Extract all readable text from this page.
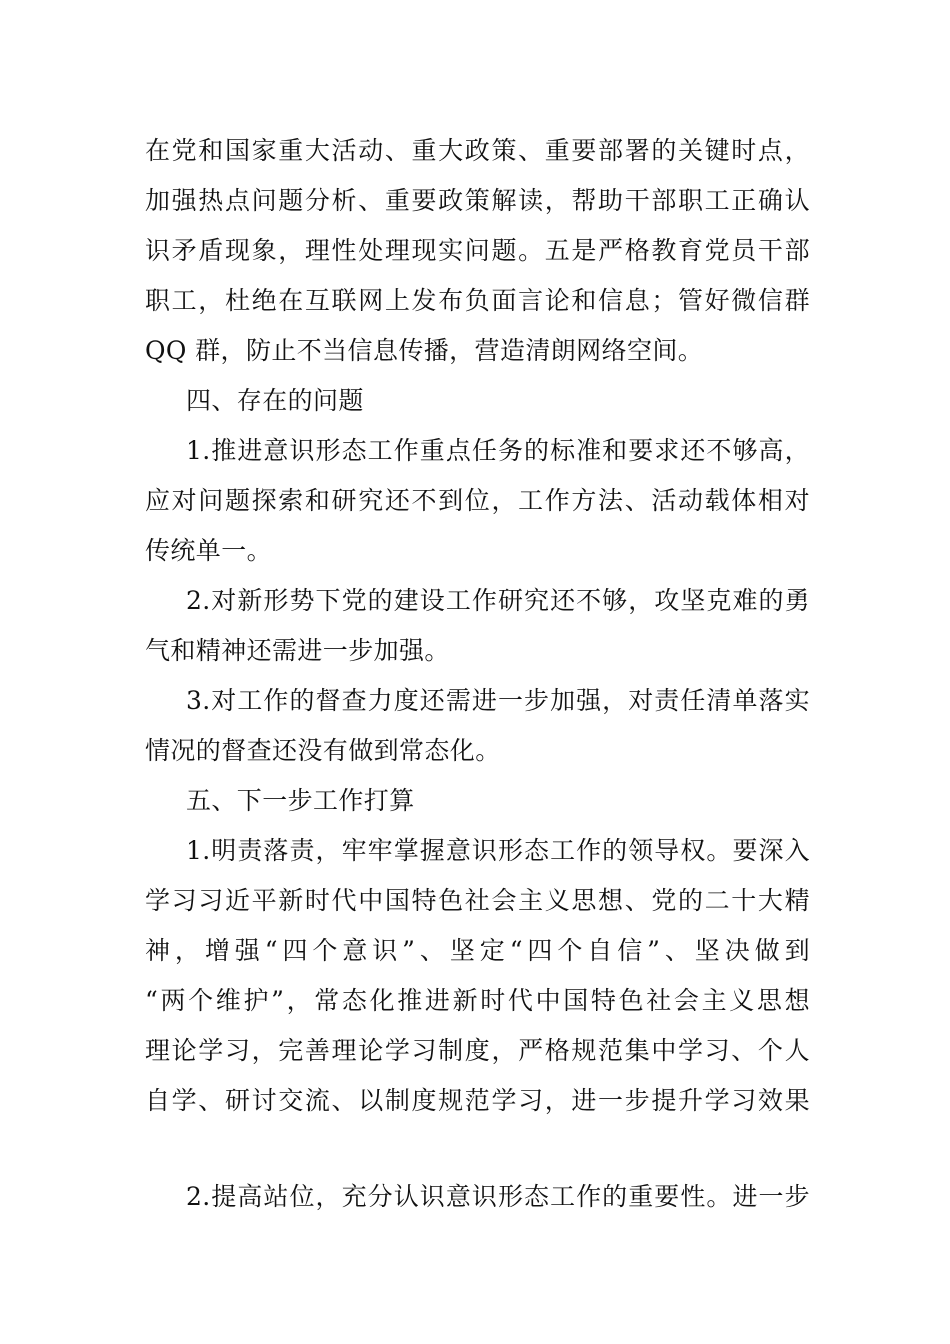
在党和国家重大活动、重大政策、重要部署的关键时点，
加强热点问题分析、重要政策解读，帮助干部职工正确认
识矛盾现象，理性处理现实问题。五是严格教育党员干部
职工，杜绝在互联网上发布负面言论和信息；管好微信群
QQ 群，防止不当信息传播，营造清朗网络空间。
四、存在的问题
1.推进意识形态工作重点任务的标准和要求还不够高，
应对问题探索和研究还不到位，工作方法、活动载体相对
传统单一。
2.对新形势下党的建设工作研究还不够，攻坚克难的勇
气和精神还需进一步加强。
3.对工作的督查力度还需进一步加强，对责任清单落实
情况的督查还没有做到常态化。
五、下一步工作打算
1.明责落责，牢牢掌握意识形态工作的领导权。要深入
学习习近平新时代中国特色社会主义思想、党的二十大精
神，增强“四个意识”、坚定“四个自信”、坚决做到
“两个维护”，常态化推进新时代中国特色社会主义思想
理论学习，完善理论学习制度，严格规范集中学习、个人
自学、研讨交流、以制度规范学习，进一步提升学习效果
2.提高站位，充分认识意识形态工作的重要性。进一步
